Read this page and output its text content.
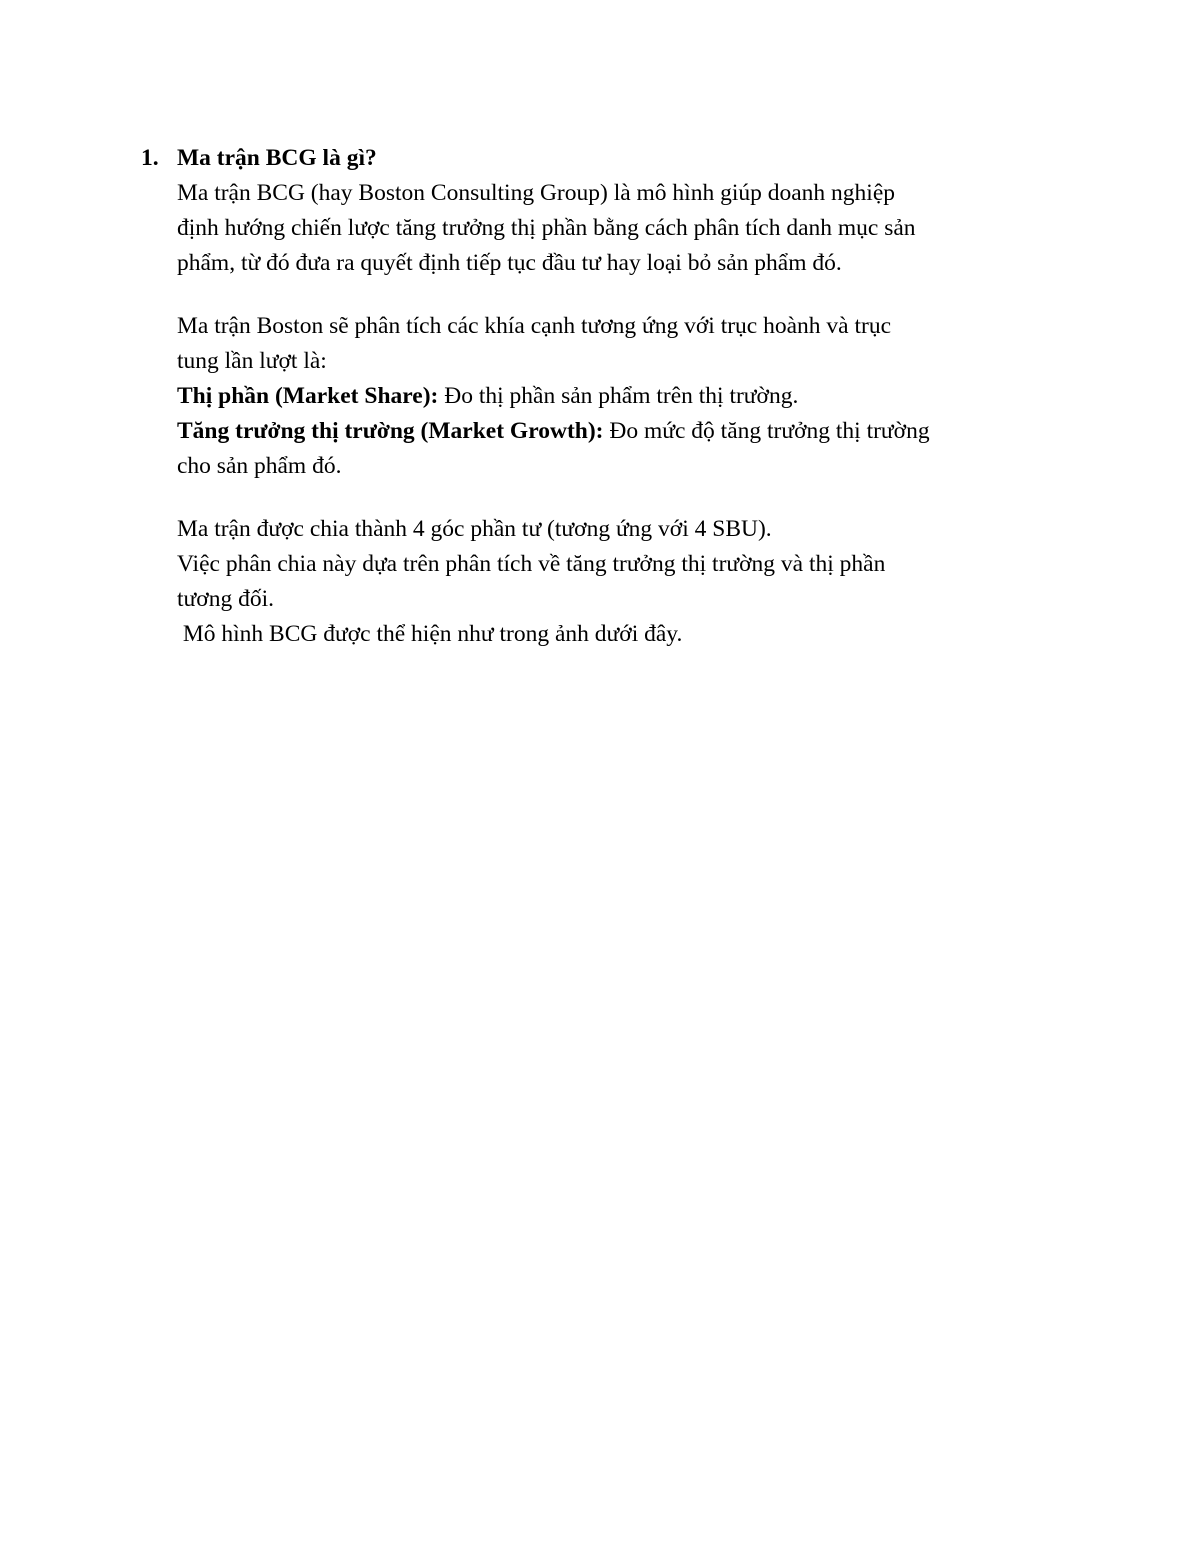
1. Ma trận BCG là gì?
Ma trận BCG (hay Boston Consulting Group) là mô hình giúp doanh nghiệp
định hướng chiến lược tăng trưởng thị phần bằng cách phân tích danh mục sản
phẩm, từ đó đưa ra quyết định tiếp tục đầu tư hay loại bỏ sản phẩm đó.
Ma trận Boston sẽ phân tích các khía cạnh tương ứng với trục hoành và trục
tung lần lượt là:
Thị phần (Market Share): Đo thị phần sản phẩm trên thị trường.
Tăng trưởng thị trường (Market Growth): Đo mức độ tăng trưởng thị trường
cho sản phẩm đó.
Ma trận được chia thành 4 góc phần tư (tương ứng với 4 SBU).
Việc phân chia này dựa trên phân tích về tăng trưởng thị trường và thị phần
tương đối.
Mô hình BCG được thể hiện như trong ảnh dưới đây.
